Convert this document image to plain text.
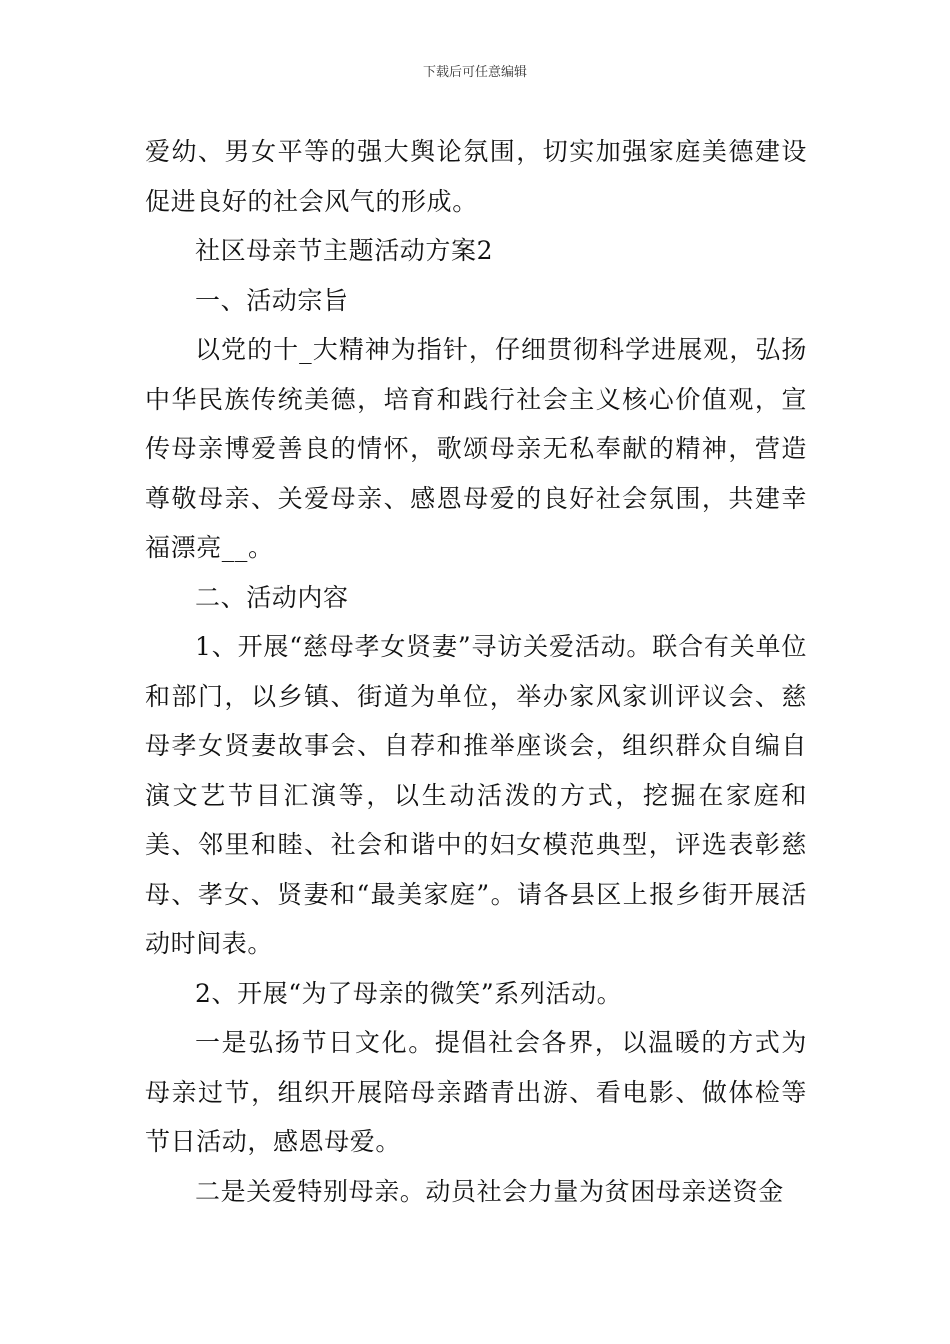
下载后可任意编辑

爱幼、男女平等的强大舆论氛围，切实加强家庭美德建设促进良好的社会风气的形成。

社区母亲节主题活动方案2

一、活动宗旨

以党的十_大精神为指针，仔细贯彻科学进展观，弘扬中华民族传统美德，培育和践行社会主义核心价值观，宣传母亲博爱善良的情怀，歌颂母亲无私奉献的精神，营造尊敬母亲、关爱母亲、感恩母爱的良好社会氛围，共建幸福漂亮__。

二、活动内容

1、开展“慈母孝女贤妻”寻访关爱活动。联合有关单位和部门，以乡镇、街道为单位，举办家风家训评议会、慈母孝女贤妻故事会、自荐和推举座谈会，组织群众自编自演文艺节目汇演等，以生动活泼的方式，挖掘在家庭和美、邻里和睦、社会和谐中的妇女模范典型，评选表彰慈母、孝女、贤妻和“最美家庭”。请各县区上报乡街开展活动时间表。

2、开展“为了母亲的微笑”系列活动。

一是弘扬节日文化。提倡社会各界，以温暖的方式为母亲过节，组织开展陪母亲踏青出游、看电影、做体检等节日活动，感恩母爱。

二是关爱特别母亲。动员社会力量为贫困母亲送资金
